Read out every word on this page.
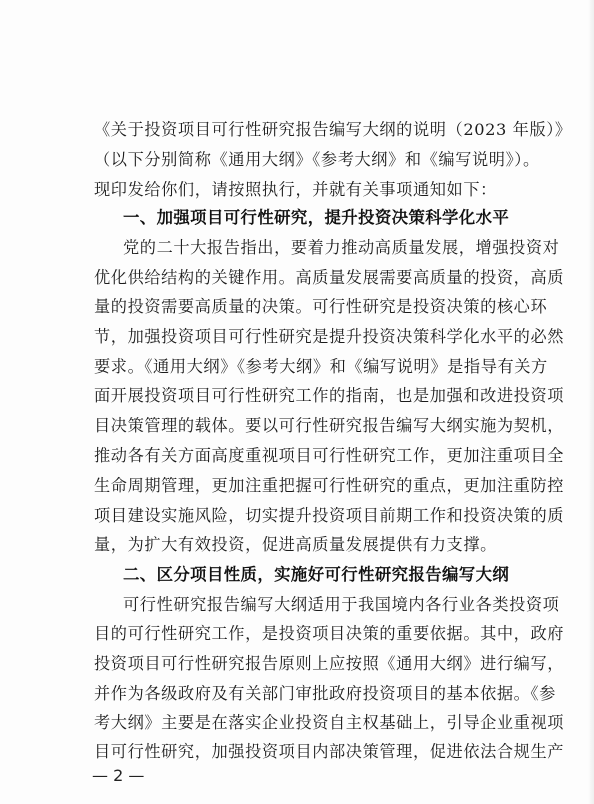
《关于投资项目可行性研究报告编写大纲的说明（2023 年版）》
（以下分别简称《通用大纲》《参考大纲》和《编写说明》）。
现印发给你们，请按照执行，并就有关事项通知如下：
一、加强项目可行性研究，提升投资决策科学化水平
党的二十大报告指出，要着力推动高质量发展，增强投资对
优化供给结构的关键作用。高质量发展需要高质量的投资，高质
量的投资需要高质量的决策。可行性研究是投资决策的核心环
节，加强投资项目可行性研究是提升投资决策科学化水平的必然
要求。《通用大纲》《参考大纲》和《编写说明》是指导有关方
面开展投资项目可行性研究工作的指南，也是加强和改进投资项
目决策管理的载体。要以可行性研究报告编写大纲实施为契机，
推动各有关方面高度重视项目可行性研究工作，更加注重项目全
生命周期管理，更加注重把握可行性研究的重点，更加注重防控
项目建设实施风险，切实提升投资项目前期工作和投资决策的质
量，为扩大有效投资，促进高质量发展提供有力支撑。
二、区分项目性质，实施好可行性研究报告编写大纲
可行性研究报告编写大纲适用于我国境内各行业各类投资项
目的可行性研究工作，是投资项目决策的重要依据。其中，政府
投资项目可行性研究报告原则上应按照《通用大纲》进行编写，
并作为各级政府及有关部门审批政府投资项目的基本依据。《参
考大纲》主要是在落实企业投资自主权基础上，引导企业重视项
目可行性研究，加强投资项目内部决策管理，促进依法合规生产
— 2 —
